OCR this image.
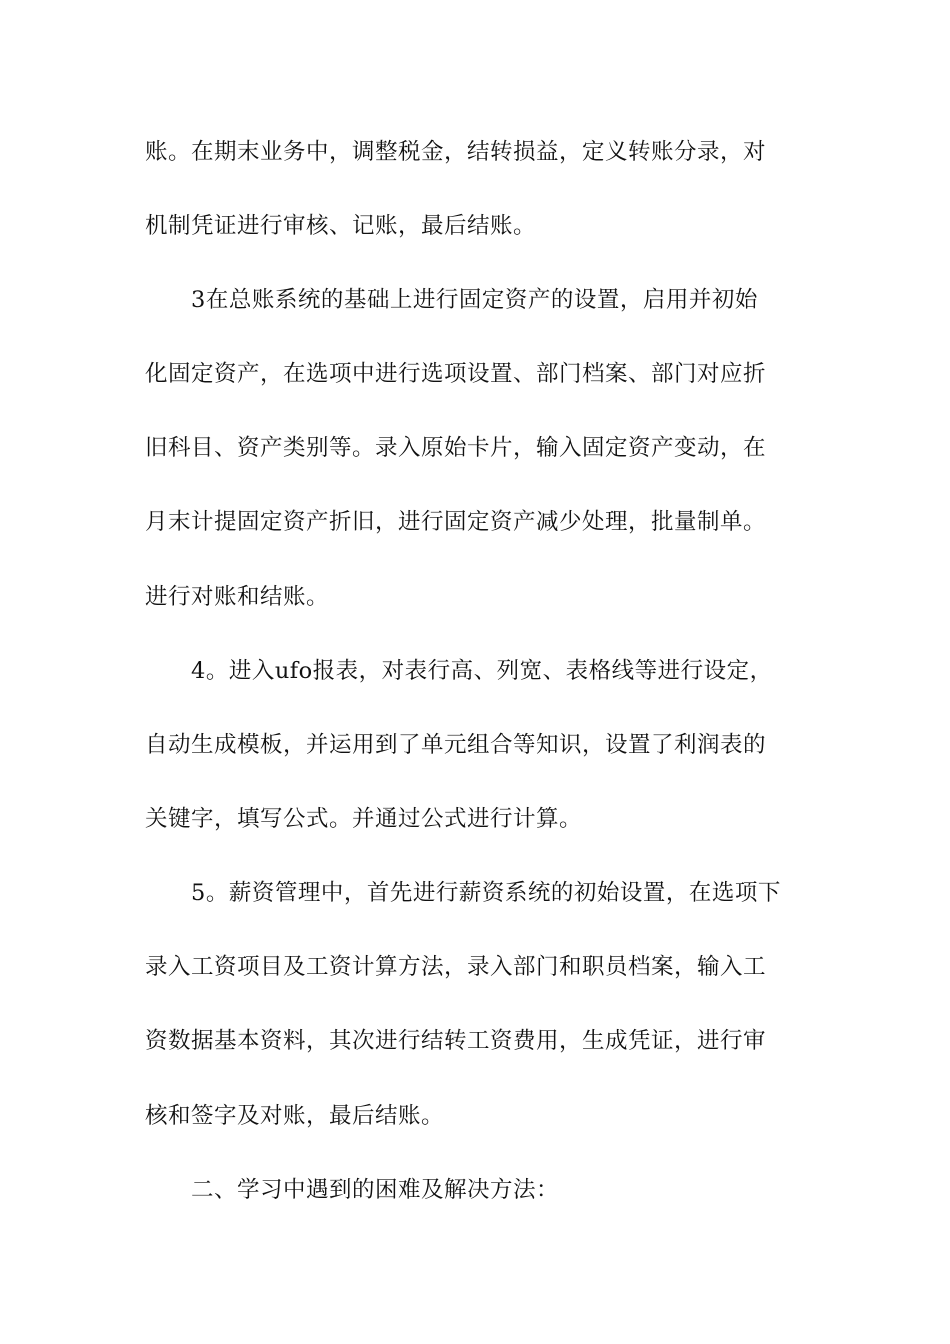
账。在期末业务中，调整税金，结转损益，定义转账分录，对
机制凭证进行审核、记账，最后结账。
3在总账系统的基础上进行固定资产的设置，启用并初始
化固定资产，在选项中进行选项设置、部门档案、部门对应折
旧科目、资产类别等。录入原始卡片，输入固定资产变动，在
月末计提固定资产折旧，进行固定资产减少处理，批量制单。
进行对账和结账。
4。进入ufo报表，对表行高、列宽、表格线等进行设定，
自动生成模板，并运用到了单元组合等知识，设置了利润表的
关键字，填写公式。并通过公式进行计算。
5。薪资管理中，首先进行薪资系统的初始设置，在选项下
录入工资项目及工资计算方法，录入部门和职员档案，输入工
资数据基本资料，其次进行结转工资费用，生成凭证，进行审
核和签字及对账，最后结账。
二、学习中遇到的困难及解决方法：
